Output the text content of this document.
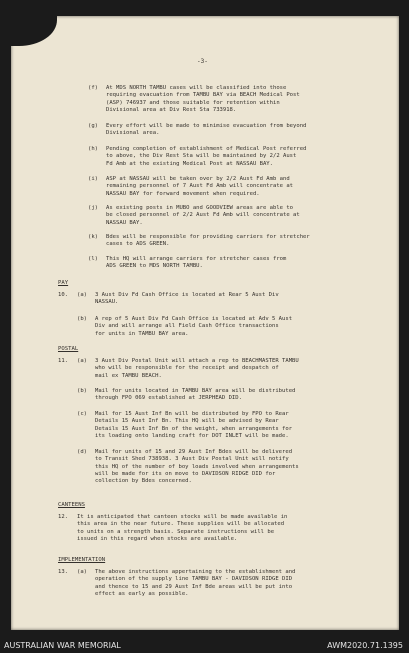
-3-
(f) At MDS NORTH TAMBU cases will be classified into those
requiring evacuation from TAMBU BAY via BEACH Medical Post
(ASP) 746937 and those suitable for retention within
Divisional area at Div Rest Sta 733918.
(g) Every effort will be made to minimise evacuation from beyond
Divisional area.
(h) Pending completion of establishment of Medical Post referred
to above, the Div Rest Sta will be maintained by 2/2 Aust
Fd Amb at the existing Medical Post at NASSAU BAY.
(i) ASP at NASSAU will be taken over by 2/2 Aust Fd Amb and
remaining personnel of 7 Aust Fd Amb will concentrate at
NASSAU BAY for forward movement when required.
(j) As existing posts in MUBO and GOODVIEW areas are able to
be closed personnel of 2/2 Aust Fd Amb will concentrate at
NASSAU BAY.
(k) Bdes will be responsible for providing carriers for stretcher
cases to ADS GREEN.
(l) This HQ will arrange carriers for stretcher cases from
ADS GREEN to MDS NORTH TAMBU.
PAY
10. (a) 3 Aust Div Fd Cash Office is located at Rear 5 Aust Div
NASSAU.
(b) A rep of 5 Aust Div Fd Cash Office is located at Adv 5 Aust
Div and will arrange all Field Cash Office transactions
for units in TAMBU BAY area.
POSTAL
11. (a) 3 Aust Div Postal Unit will attach a rep to BEACHMASTER TAMBU
who will be responsible for the receipt and despatch of
mail ex TAMBU BEACH.
(b) Mail for units located in TAMBU BAY area will be distributed
through FPO 069 established at JERPHEAD DID.
(c) Mail for 15 Aust Inf Bn will be distributed by FPO to Rear
Details 15 Aust Inf Bn. This HQ will be advised by Rear
Details 15 Aust Inf Bn of the weight, when arrangements for
its loading onto landing craft for DOT INLET will be made.
(d) Mail for units of 15 and 29 Aust Inf Bdes will be delivered
to Transit Shed 738938. 3 Aust Div Postal Unit will notify
this HQ of the number of boy loads involved when arrangements
will be made for its on move to DAVIDSON RIDGE DID for
collection by Bdes concerned.
CANTEENS
12. It is anticipated that canteen stocks will be made available in
this area in the near future. These supplies will be allocated
to units on a strength basis. Separate instructions will be
issued in this regard when stocks are available.
IMPLEMENTATION
13. (a) The above instructions appertaining to the establishment and
operation of the supply line TAMBU BAY - DAVIDSON RIDGE DID
and thence to 15 and 29 Aust Inf Bde areas will be put into
effect as early as possible.
AUSTRALIAN WAR MEMORIAL	AWM2020.71.1395
